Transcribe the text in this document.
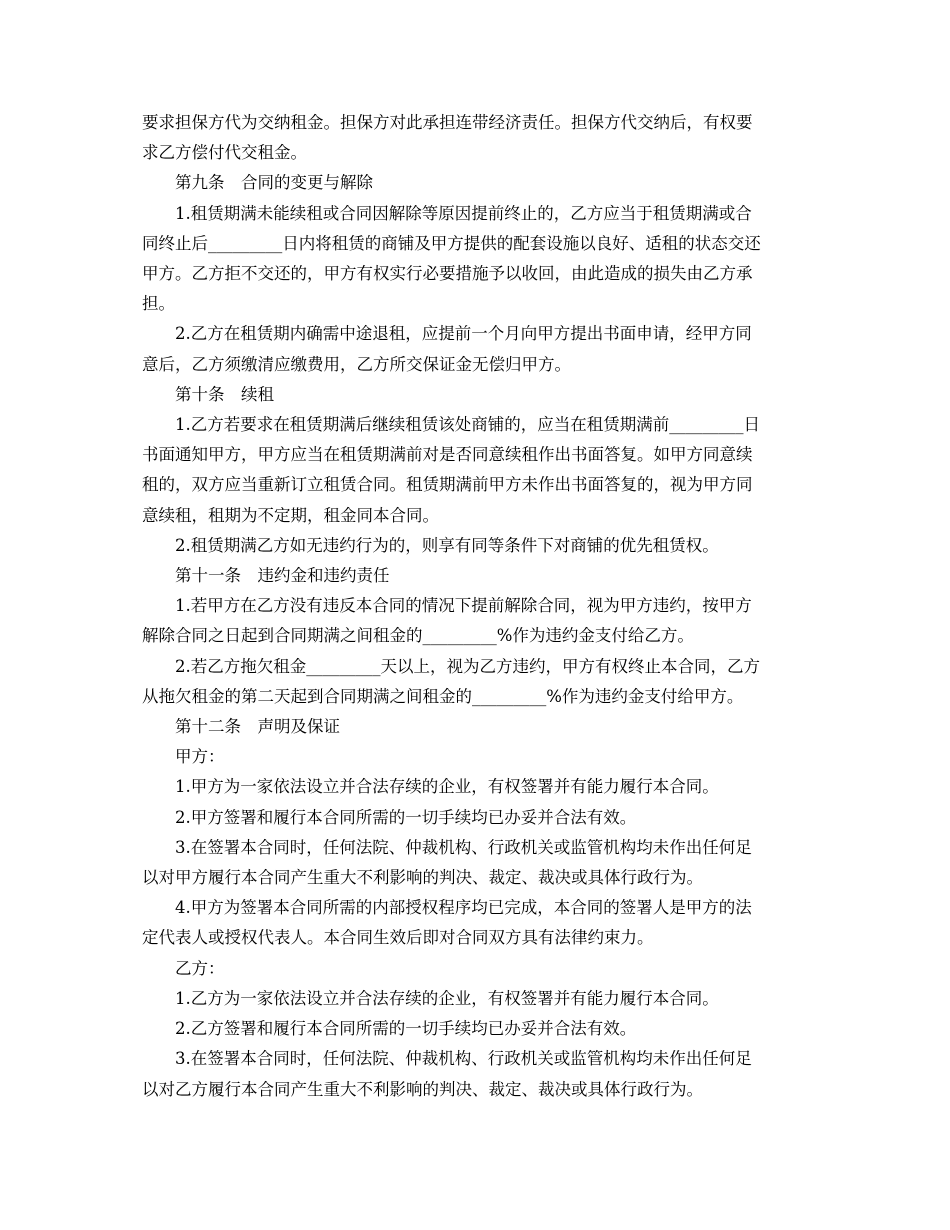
要求担保方代为交纳租金。担保方对此承担连带经济责任。担保方代交纳后，有权要

求乙方偿付代交租金。

第九条　合同的变更与解除

1.租赁期满未能续租或合同因解除等原因提前终止的，乙方应当于租赁期满或合

同终止后_________日内将租赁的商铺及甲方提供的配套设施以良好、适租的状态交还

甲方。乙方拒不交还的，甲方有权实行必要措施予以收回，由此造成的损失由乙方承

担。

2.乙方在租赁期内确需中途退租，应提前一个月向甲方提出书面申请，经甲方同

意后，乙方须缴清应缴费用，乙方所交保证金无偿归甲方。

第十条　续租

1.乙方若要求在租赁期满后继续租赁该处商铺的，应当在租赁期满前_________日

书面通知甲方，甲方应当在租赁期满前对是否同意续租作出书面答复。如甲方同意续

租的，双方应当重新订立租赁合同。租赁期满前甲方未作出书面答复的，视为甲方同

意续租，租期为不定期，租金同本合同。

2.租赁期满乙方如无违约行为的，则享有同等条件下对商铺的优先租赁权。

第十一条　违约金和违约责任

1.若甲方在乙方没有违反本合同的情况下提前解除合同，视为甲方违约，按甲方

解除合同之日起到合同期满之间租金的_________%作为违约金支付给乙方。

2.若乙方拖欠租金_________天以上，视为乙方违约，甲方有权终止本合同，乙方

从拖欠租金的第二天起到合同期满之间租金的_________%作为违约金支付给甲方。

第十二条　声明及保证

甲方：

1.甲方为一家依法设立并合法存续的企业，有权签署并有能力履行本合同。

2.甲方签署和履行本合同所需的一切手续均已办妥并合法有效。

3.在签署本合同时，任何法院、仲裁机构、行政机关或监管机构均未作出任何足

以对甲方履行本合同产生重大不利影响的判决、裁定、裁决或具体行政行为。

4.甲方为签署本合同所需的内部授权程序均已完成，本合同的签署人是甲方的法

定代表人或授权代表人。本合同生效后即对合同双方具有法律约束力。

乙方：

1.乙方为一家依法设立并合法存续的企业，有权签署并有能力履行本合同。

2.乙方签署和履行本合同所需的一切手续均已办妥并合法有效。

3.在签署本合同时，任何法院、仲裁机构、行政机关或监管机构均未作出任何足

以对乙方履行本合同产生重大不利影响的判决、裁定、裁决或具体行政行为。
